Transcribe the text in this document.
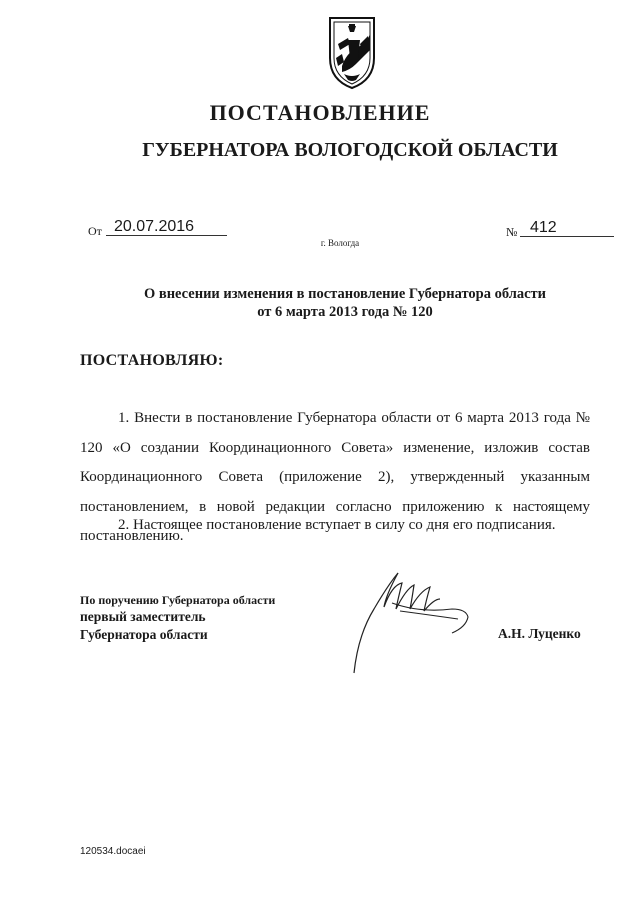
ПОСТАНОВЛЕНИЕ
ГУБЕРНАТОРА ВОЛОГОДСКОЙ ОБЛАСТИ
От 20.07.2016	№ 412
г. Вологда
О внесении изменения в постановление Губернатора области
от 6 марта 2013 года № 120
ПОСТАНОВЛЯЮ:
1. Внести в постановление Губернатора области от 6 марта 2013 года № 120 «О создании Координационного Совета» изменение, изложив состав Координационного Совета (приложение 2), утвержденный указанным постановлением, в новой редакции согласно приложению к настоящему постановлению.
2. Настоящее постановление вступает в силу со дня его подписания.
По поручению Губернатора области
первый заместитель
Губернатора области	А.Н. Луценко
120534.docaei
